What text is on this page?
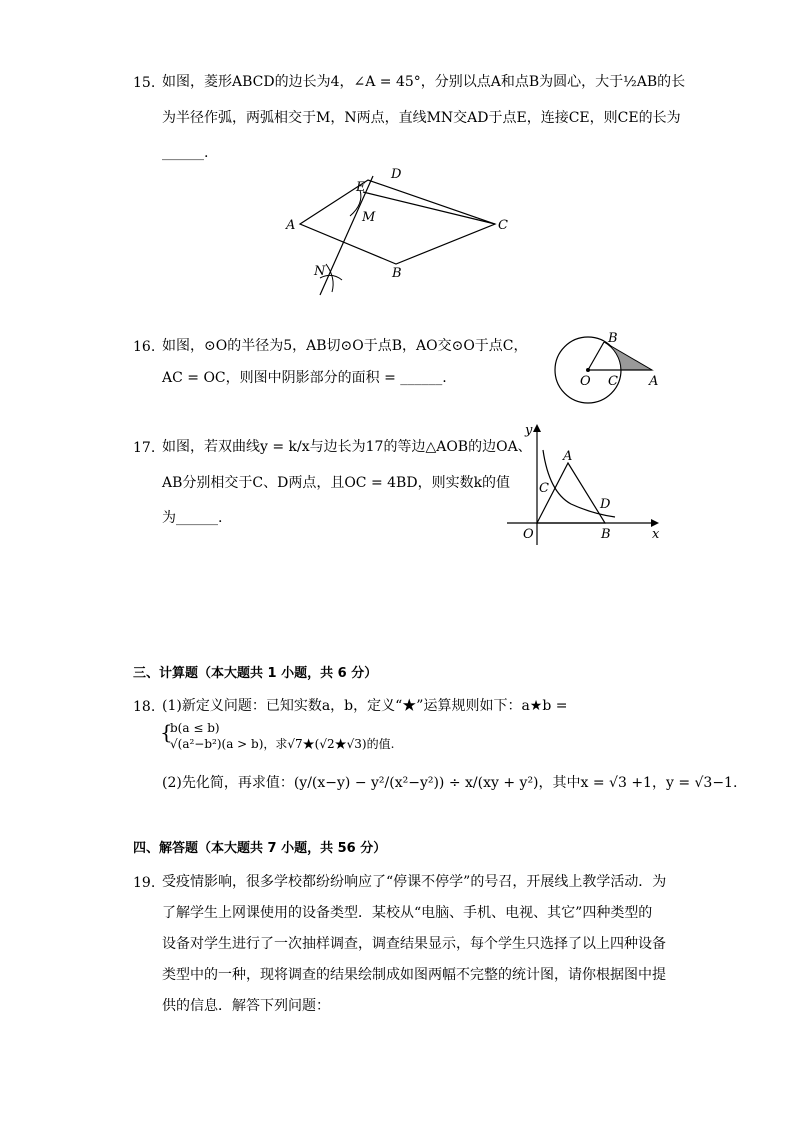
15. 如图，菱形ABCD的边长为4，∠A = 45°，分别以点A和点B为圆心，大于½AB的长
为半径作弧，两弧相交于M，N两点，直线MN交AD于点E，连接CE，则CE的长为
______.
A
D
E
M
C
B
N
16. 如图，⊙O的半径为5，AB切⊙O于点B，AO交⊙O于点C，
AC = OC，则图中阴影部分的面积 = ______.
B
O C A
17. 如图，若双曲线y = k/x与边长为17的等边△AOB的边OA、
AB分别相交于C、D两点，且OC = 4BD，则实数k的值
为______.
y
x
A
C
D
O	B
三、计算题（本大题共 1 小题，共 6 分）
18. (1)新定义问题：已知实数a，b，定义“★”运算规则如下：a★b =
{
b(a ≤ b)
√(a²−b²)(a > b)，求√7★(√2★√3)的值.
(2)先化简，再求值：(y/(x−y) − y²/(x²−y²)) ÷ x/(xy + y²)，其中x = √3 +1，y = √3−1.
四、解答题（本大题共 7 小题，共 56 分）
19. 受疫情影响，很多学校都纷纷响应了“停课不停学”的号召，开展线上教学活动．为
了解学生上网课使用的设备类型．某校从“电脑、手机、电视、其它”四种类型的
设备对学生进行了一次抽样调查，调查结果显示，每个学生只选择了以上四种设备
类型中的一种，现将调查的结果绘制成如图两幅不完整的统计图，请你根据图中提
供的信息．解答下列问题：
